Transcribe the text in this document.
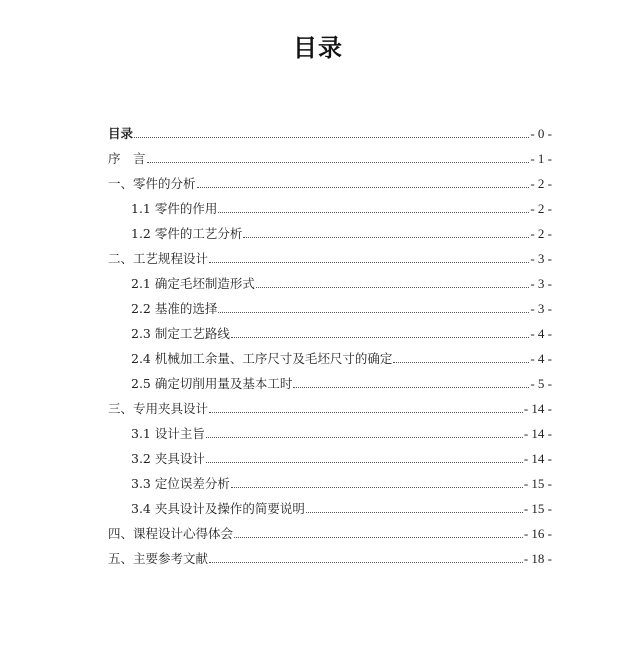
目录
目录	- 0 -
序　言	- 1 -
一、零件的分析	- 2 -
1.1 零件的作用	- 2 -
1.2 零件的工艺分析	- 2 -
二、工艺规程设计	- 3 -
2.1 确定毛坯制造形式	- 3 -
2.2 基准的选择	- 3 -
2.3 制定工艺路线	- 4 -
2.4 机械加工余量、工序尺寸及毛坯尺寸的确定	- 4 -
2.5 确定切削用量及基本工时	- 5 -
三、专用夹具设计	- 14 -
3.1 设计主旨	- 14 -
3.2 夹具设计	- 14 -
3.3 定位误差分析	- 15 -
3.4 夹具设计及操作的简要说明	- 15 -
四、课程设计心得体会	- 16 -
五、主要参考文献	- 18 -
